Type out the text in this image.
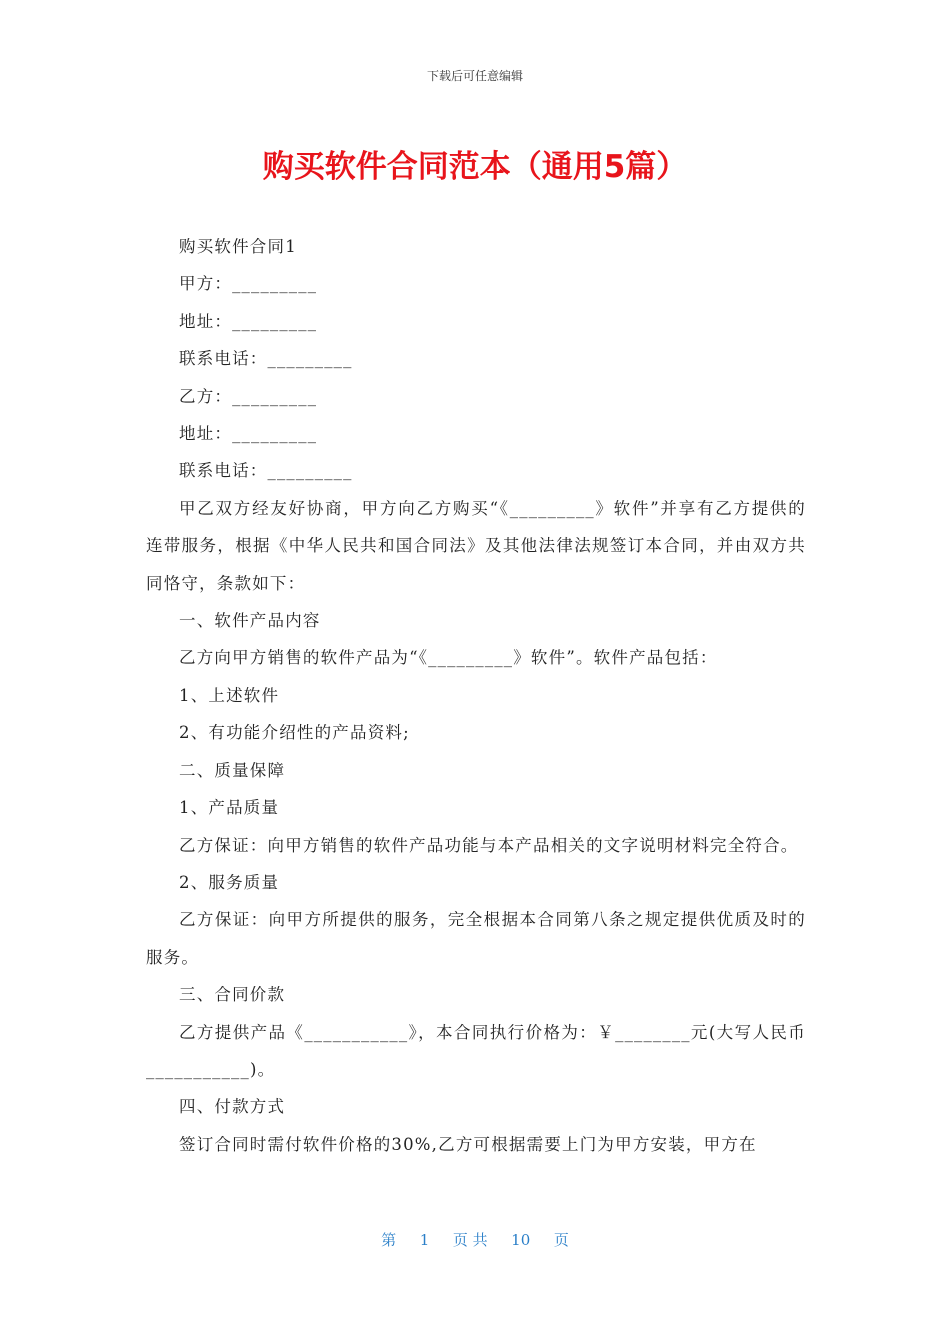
下载后可任意编辑
购买软件合同范本（通用5篇）

购买软件合同1

甲方：_________

地址：_________

联系电话：_________

乙方：_________

地址：_________

联系电话：_________

甲乙双方经友好协商，甲方向乙方购买“《_________》软件”并享有乙方提供的连带服务，根据《中华人民共和国合同法》及其他法律法规签订本合同，并由双方共同恪守，条款如下：

一、软件产品内容

乙方向甲方销售的软件产品为“《_________》软件”。软件产品包括：

1、上述软件

2、有功能介绍性的产品资料;

二、质量保障

1、产品质量

乙方保证：向甲方销售的软件产品功能与本产品相关的文字说明材料完全符合。

2、服务质量

乙方保证：向甲方所提供的服务，完全根据本合同第八条之规定提供优质及时的服务。

三、合同价款

乙方提供产品《___________》，本合同执行价格为：￥________元(大写人民币___________)。

四、付款方式

签订合同时需付软件价格的30%,乙方可根据需要上门为甲方安装，甲方在

第 1 页 共 10 页
